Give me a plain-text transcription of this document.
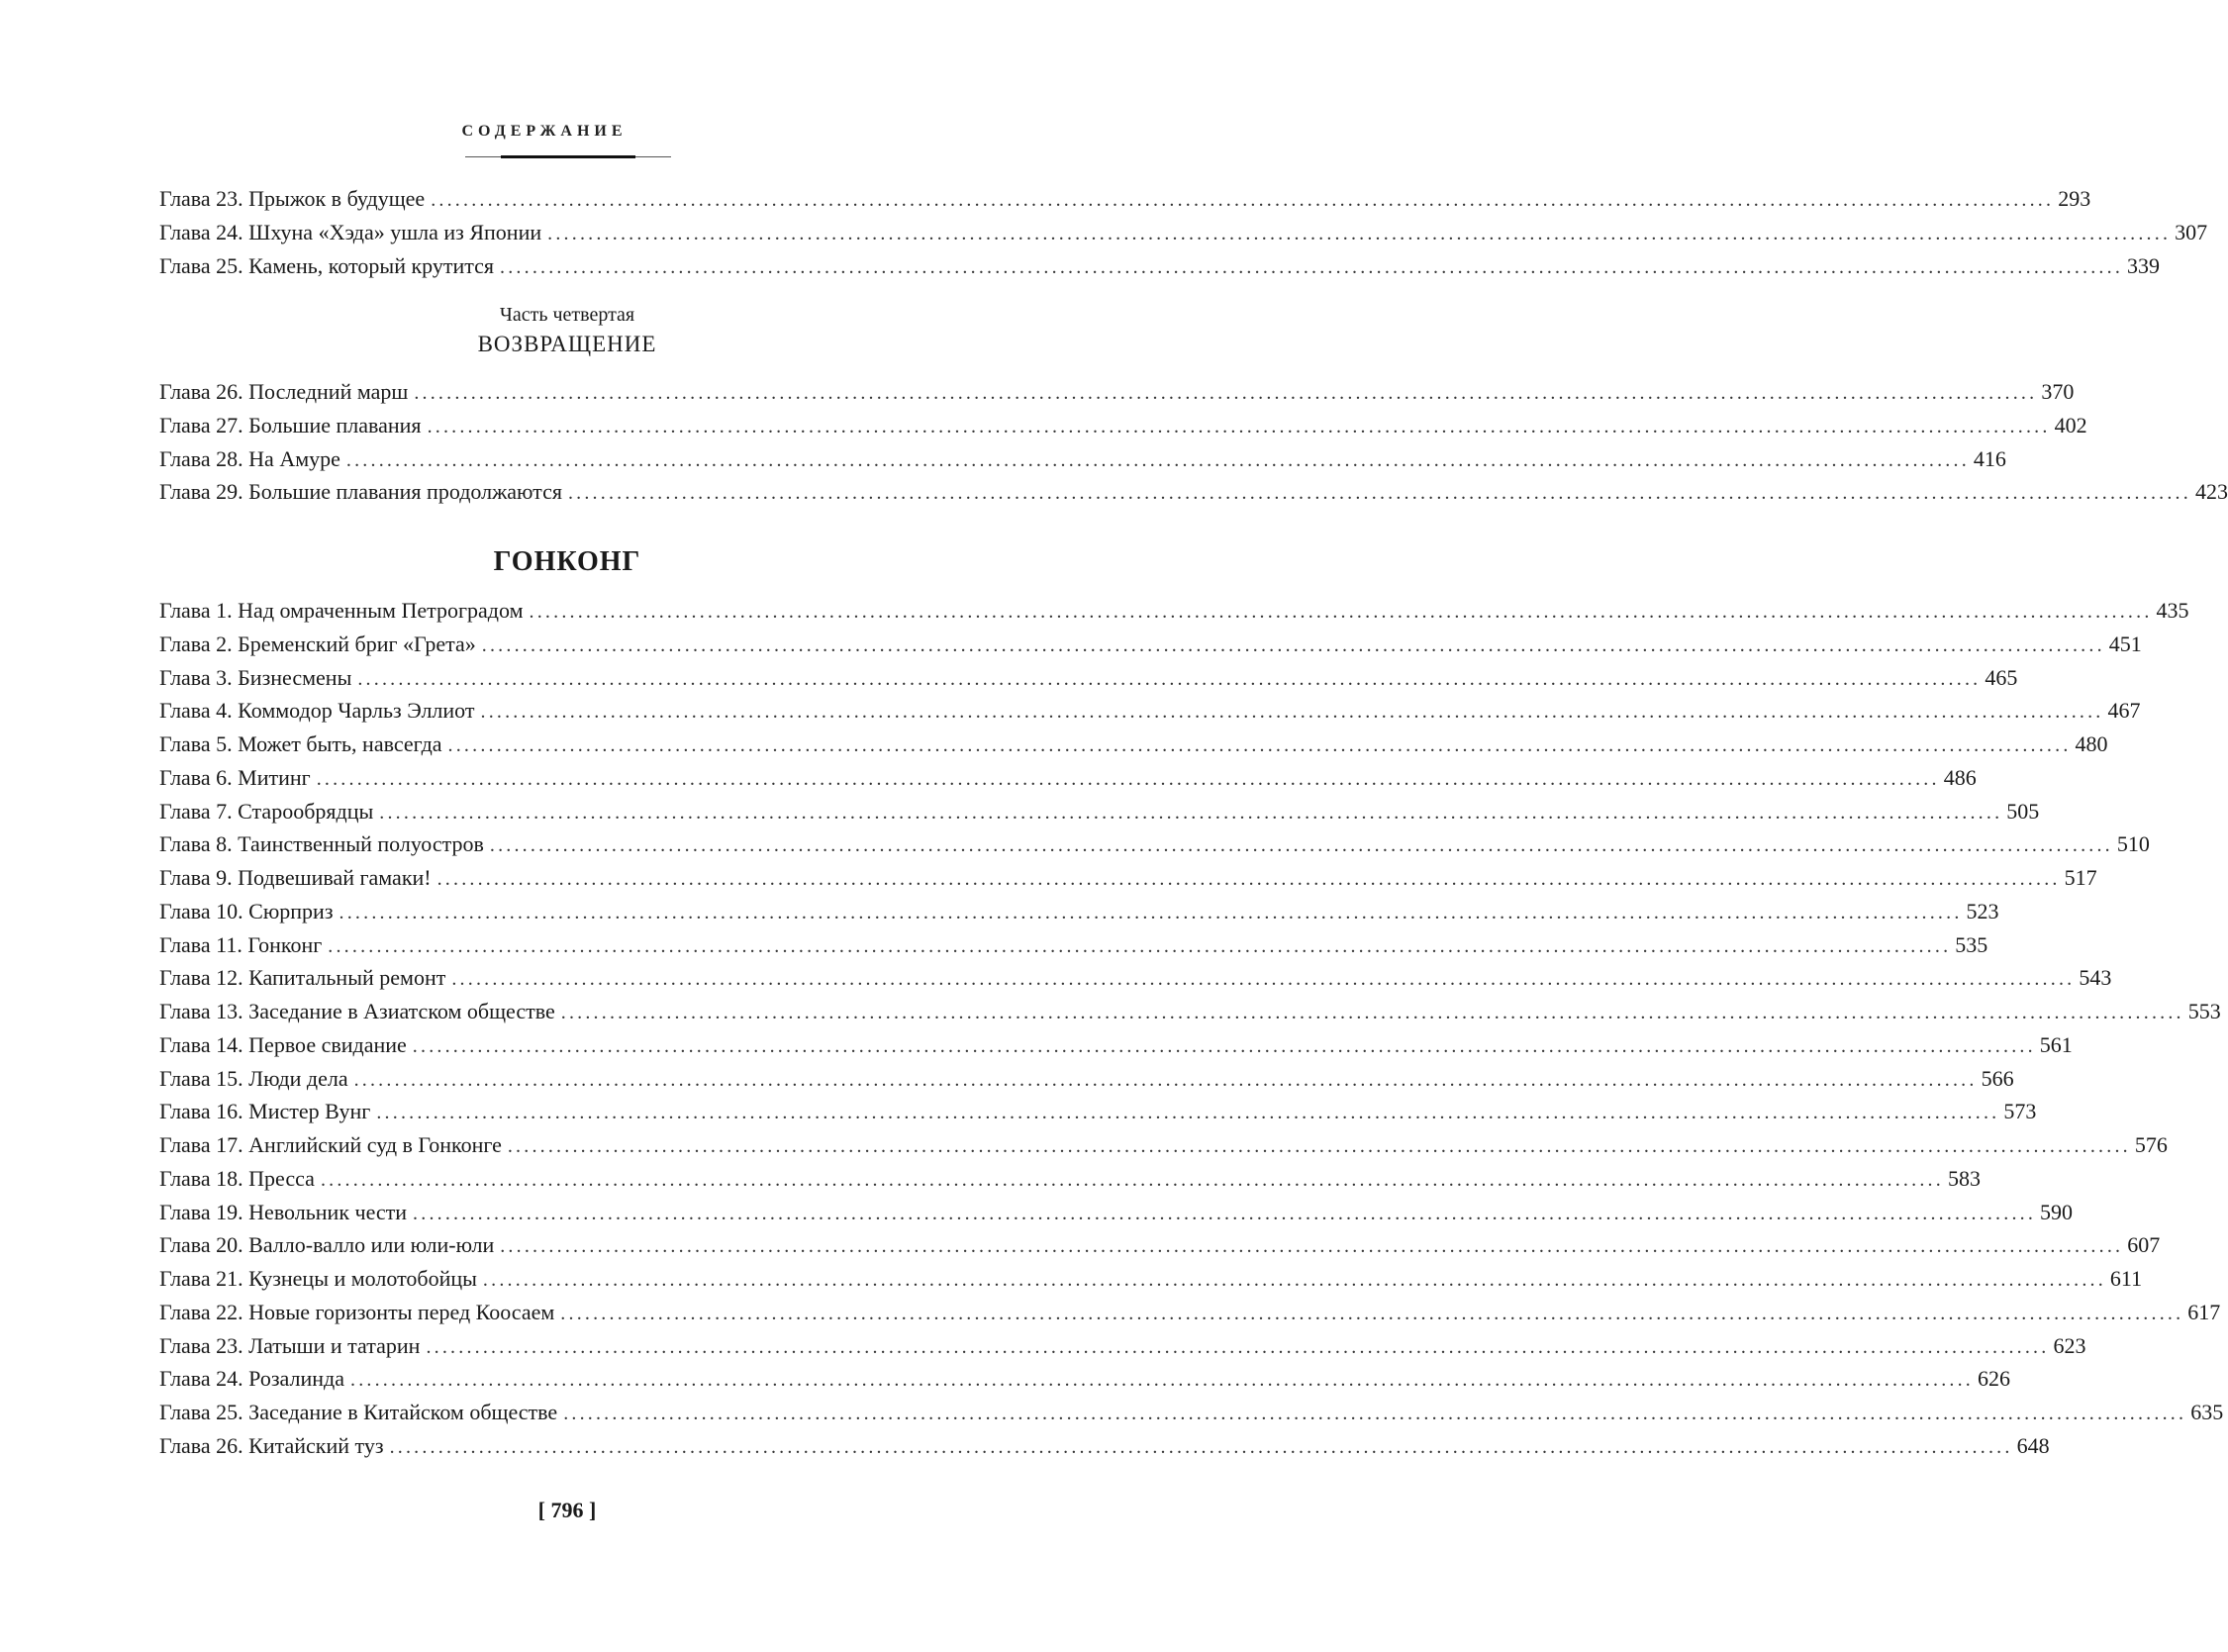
СОДЕРЖАНИЕ
Глава 23. Прыжок в будущее ........................................................................................................................................................................................................ 293
Глава 24. Шхуна «Хэда» ушла из Японии ........................................................................................................................................................................................................ 307
Глава 25. Камень, который крутится ........................................................................................................................................................................................................ 339
Часть четвертая
ВОЗВРАЩЕНИЕ
Глава 26. Последний марш ........................................................................................................................................................................................................ 370
Глава 27. Большие плавания ........................................................................................................................................................................................................ 402
Глава 28. На Амуре ........................................................................................................................................................................................................ 416
Глава 29. Большие плавания продолжаются ........................................................................................................................................................................................................ 423
ГОНКОНГ
Глава 1. Над омраченным Петроградом ........................................................................................................................................................................................................ 435
Глава 2. Бременский бриг «Грета» ........................................................................................................................................................................................................ 451
Глава 3. Бизнесмены ........................................................................................................................................................................................................ 465
Глава 4. Коммодор Чарльз Эллиот ........................................................................................................................................................................................................ 467
Глава 5. Может быть, навсегда ........................................................................................................................................................................................................ 480
Глава 6. Митинг ........................................................................................................................................................................................................ 486
Глава 7. Старообрядцы ........................................................................................................................................................................................................ 505
Глава 8. Таинственный полуостров ........................................................................................................................................................................................................ 510
Глава 9. Подвешивай гамаки! ........................................................................................................................................................................................................ 517
Глава 10. Сюрприз ........................................................................................................................................................................................................ 523
Глава 11. Гонконг ........................................................................................................................................................................................................ 535
Глава 12. Капитальный ремонт ........................................................................................................................................................................................................ 543
Глава 13. Заседание в Азиатском обществе ........................................................................................................................................................................................................ 553
Глава 14. Первое свидание ........................................................................................................................................................................................................ 561
Глава 15. Люди дела ........................................................................................................................................................................................................ 566
Глава 16. Мистер Вунг ........................................................................................................................................................................................................ 573
Глава 17. Английский суд в Гонконге ........................................................................................................................................................................................................ 576
Глава 18. Пресса ........................................................................................................................................................................................................ 583
Глава 19. Невольник чести ........................................................................................................................................................................................................ 590
Глава 20. Валло-валло или юли-юли ........................................................................................................................................................................................................ 607
Глава 21. Кузнецы и молотобойцы ........................................................................................................................................................................................................ 611
Глава 22. Новые горизонты перед Коосаем ........................................................................................................................................................................................................ 617
Глава 23. Латыши и татарин ........................................................................................................................................................................................................ 623
Глава 24. Розалинда ........................................................................................................................................................................................................ 626
Глава 25. Заседание в Китайском обществе ........................................................................................................................................................................................................ 635
Глава 26. Китайский туз ........................................................................................................................................................................................................ 648
[ 796 ]
